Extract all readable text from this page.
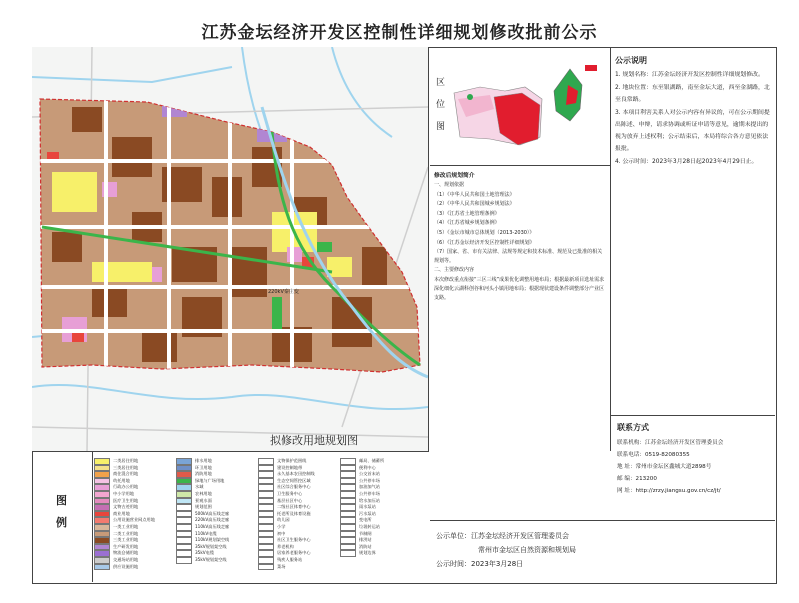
江苏金坛经济开发区控制性详细规划修改批前公示
220kV秦庄变
拟修改用地规划图
图
例
二类居住用地
三类居住用地
商住混合用地
幼托用地
行政办公用地
中小学用地
医疗卫生用地
文物古迹用地
商业用地
公用设施营业网点用地
一类工业用地
二类工业用地
三类工业用地
生产研发用地
物流仓储用地
交通场站用地
供应设施用地
排水用地
环卫用地
消防用地
绿地与广场用地
水域
农林用地
景观水面
规划范围
500kV高压线走廊
220kV高压线走廊
110kV高压线走廊
110kV电缆
110kV规划架空线
35kV规划架空线
35kV电缆
35kV规划架空线
文物保护范围线
建设控制地带
永久基本农田控制线
生态空间管控区域
社区综合服务中心
卫生服务中心
基层社区中心
二级社区体育中心
托老所及体育设施
幼儿园
小学
初中
社区卫生服务中心
养老机构
居家养老服务中心
残疾人服务站
菜场
邮局、储蓄所
便利中心
公交首末站
公共停车场
加油加气站
公共停车场
给水加压站
雨水泵站
污水泵站
变电所
垃圾转运站
节制闸
排涝站
消防站
规划边界
区
位
图
修改后规划简介
一、规划依据
（1）《中华人民共和国土地管理法》
（2）《中华人民共和国城乡规划法》
（3）《江苏省土地管理条例》
（4）《江苏省城乡规划条例》
（5）《金坛市城市总体规划（2013-2030）》
（6）《江苏金坛经济开发区控制性详细规划》
（7）国家、省、市有关法律、法规等规定和技术标准、规范及已批准的相关规划等。
二、主要修改内容
本次修改重点衔接“三区三线”成果优化调整用地布局；根据最新项目选址需求深化细化云湖科创谷和河头小镇用地布局；根据现状建设条件调整部分产业区支路。
公示说明

1. 规划名称：江苏金坛经济开发区控制性详细规划修改。

2. 地块位置：东至银湖路，南至金坛大道，西至金湖路，北至良常路。

3. 本项目利害关系人对公示内容有异议的，可在公示期间提出陈述、申辩，请求协调或听证申请等意见，逾期未提出的视为放弃上述权利；公示结束后，本局将综合各方意见依法报批。

4. 公示时间：2023年3月28日起2023年4月29日止。

联系方式
联系机构：江苏金坛经济开发区管理委员会
联系电话：0519-82080355
地 址：常州市金坛区鑫城大道2898号
邮 编：213200
网 址：http://zrzy.jiangsu.gov.cn/cz/jt/
公示单位：江苏金坛经济开发区管理委员会
常州市金坛区自然资源和规划局
公示时间：2023年3月28日
